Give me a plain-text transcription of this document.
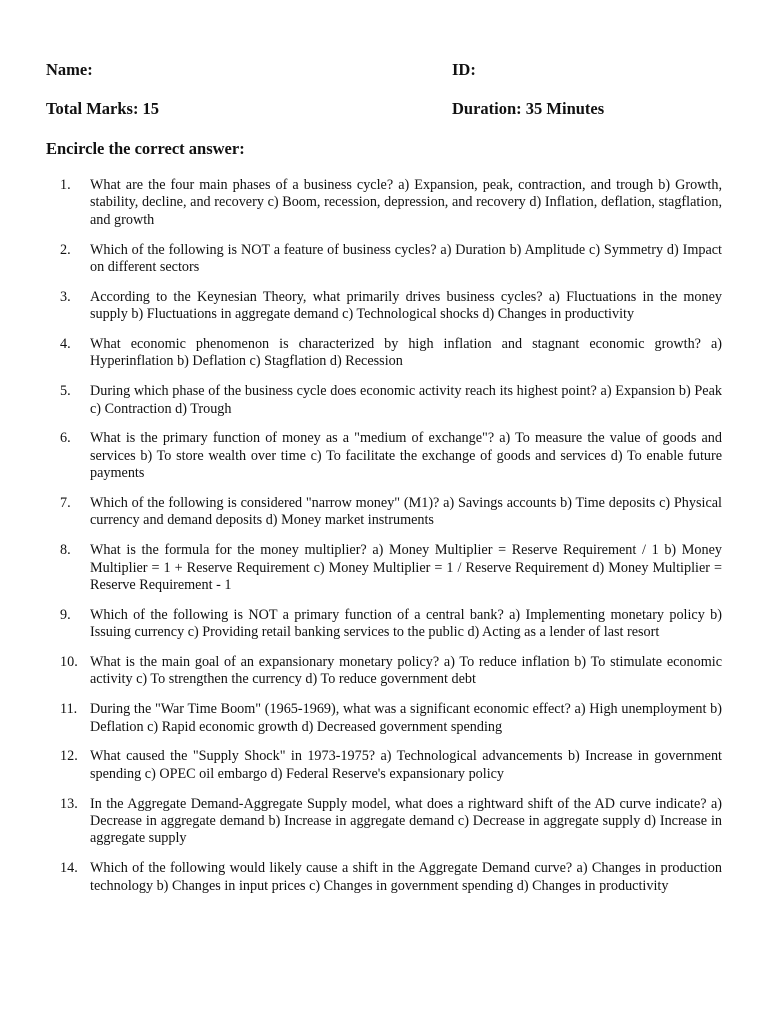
Name:	ID:
Total Marks: 15	Duration: 35 Minutes
Encircle the correct answer:
1.	What are the four main phases of a business cycle? a) Expansion, peak, contraction, and trough b) Growth, stability, decline, and recovery c) Boom, recession, depression, and recovery d) Inflation, deflation, stagflation, and growth
2.	Which of the following is NOT a feature of business cycles? a) Duration b) Amplitude c) Symmetry d) Impact on different sectors
3.	According to the Keynesian Theory, what primarily drives business cycles? a) Fluctuations in the money supply b) Fluctuations in aggregate demand c) Technological shocks d) Changes in productivity
4.	What economic phenomenon is characterized by high inflation and stagnant economic growth? a) Hyperinflation b) Deflation c) Stagflation d) Recession
5.	During which phase of the business cycle does economic activity reach its highest point? a) Expansion b) Peak c) Contraction d) Trough
6.	What is the primary function of money as a "medium of exchange"? a) To measure the value of goods and services b) To store wealth over time c) To facilitate the exchange of goods and services d) To enable future payments
7.	Which of the following is considered "narrow money" (M1)? a) Savings accounts b) Time deposits c) Physical currency and demand deposits d) Money market instruments
8.	What is the formula for the money multiplier? a) Money Multiplier = Reserve Requirement / 1 b) Money Multiplier = 1 + Reserve Requirement c) Money Multiplier = 1 / Reserve Requirement d) Money Multiplier = Reserve Requirement - 1
9.	Which of the following is NOT a primary function of a central bank? a) Implementing monetary policy b) Issuing currency c) Providing retail banking services to the public d) Acting as a lender of last resort
10. What is the main goal of an expansionary monetary policy? a) To reduce inflation b) To stimulate economic activity c) To strengthen the currency d) To reduce government debt
11. During the "War Time Boom" (1965-1969), what was a significant economic effect? a) High unemployment b) Deflation c) Rapid economic growth d) Decreased government spending
12. What caused the "Supply Shock" in 1973-1975? a) Technological advancements b) Increase in government spending c) OPEC oil embargo d) Federal Reserve's expansionary policy
13. In the Aggregate Demand-Aggregate Supply model, what does a rightward shift of the AD curve indicate? a) Decrease in aggregate demand b) Increase in aggregate demand c) Decrease in aggregate supply d) Increase in aggregate supply
14. Which of the following would likely cause a shift in the Aggregate Demand curve? a) Changes in production technology b) Changes in input prices c) Changes in government spending d) Changes in productivity
